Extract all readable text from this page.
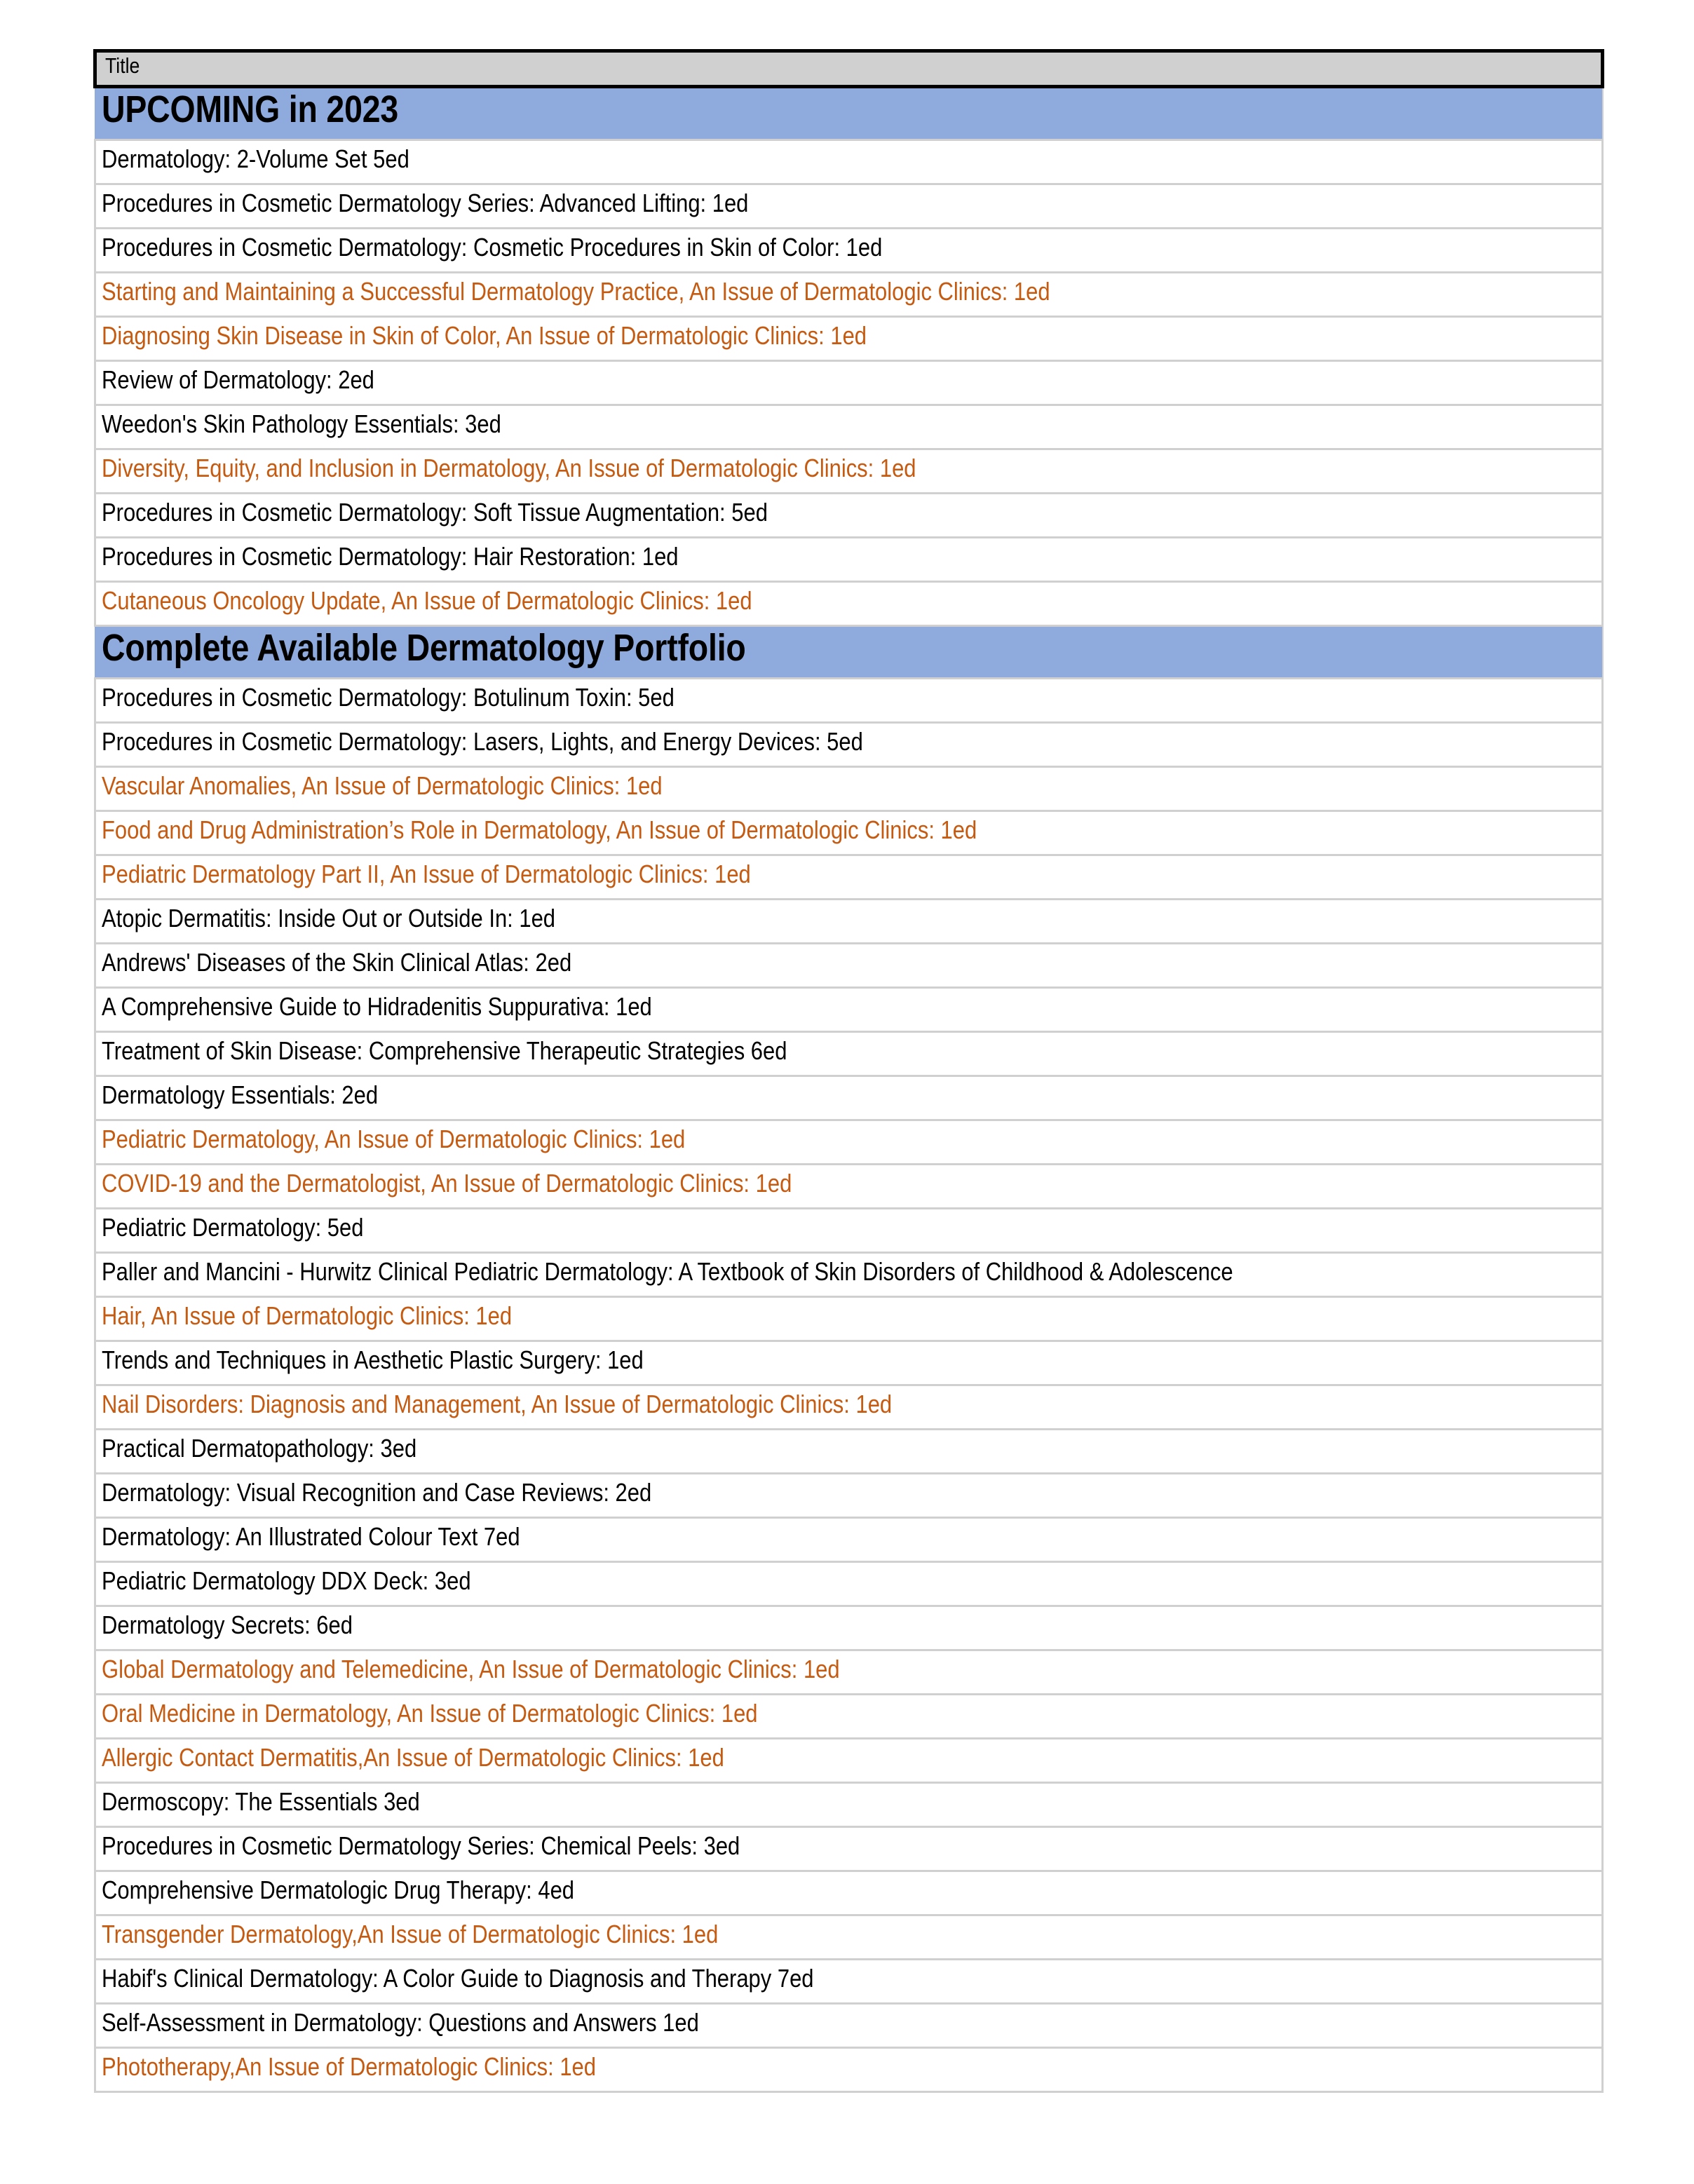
Title
UPCOMING in 2023
Dermatology: 2-Volume Set 5ed
Procedures in Cosmetic Dermatology Series: Advanced Lifting: 1ed
Procedures in Cosmetic Dermatology: Cosmetic Procedures in Skin of Color: 1ed
Starting and Maintaining a Successful Dermatology Practice, An Issue of Dermatologic Clinics: 1ed
Diagnosing Skin Disease in Skin of Color, An Issue of Dermatologic Clinics: 1ed
Review of Dermatology: 2ed
Weedon's Skin Pathology Essentials: 3ed
Diversity, Equity, and Inclusion in Dermatology, An Issue of Dermatologic Clinics: 1ed
Procedures in Cosmetic Dermatology: Soft Tissue Augmentation: 5ed
Procedures in Cosmetic Dermatology: Hair Restoration: 1ed
Cutaneous Oncology Update, An Issue of Dermatologic Clinics: 1ed
Complete Available Dermatology Portfolio
Procedures in Cosmetic Dermatology: Botulinum Toxin: 5ed
Procedures in Cosmetic Dermatology: Lasers, Lights, and Energy Devices: 5ed
Vascular Anomalies, An Issue of Dermatologic Clinics: 1ed
Food and Drug Administration’s Role in Dermatology, An Issue of Dermatologic Clinics: 1ed
Pediatric Dermatology Part II, An Issue of Dermatologic Clinics: 1ed
Atopic Dermatitis: Inside Out or Outside In: 1ed
Andrews' Diseases of the Skin Clinical Atlas: 2ed
A Comprehensive Guide to Hidradenitis Suppurativa: 1ed
Treatment of Skin Disease: Comprehensive Therapeutic Strategies 6ed
Dermatology Essentials: 2ed
Pediatric Dermatology, An Issue of Dermatologic Clinics: 1ed
COVID-19 and the Dermatologist, An Issue of Dermatologic Clinics: 1ed
Pediatric Dermatology: 5ed
Paller and Mancini - Hurwitz Clinical Pediatric Dermatology: A Textbook of Skin Disorders of Childhood & Adolescence
Hair, An Issue of Dermatologic Clinics: 1ed
Trends and Techniques in Aesthetic Plastic Surgery: 1ed
Nail Disorders: Diagnosis and Management, An Issue of Dermatologic Clinics: 1ed
Practical Dermatopathology: 3ed
Dermatology: Visual Recognition and Case Reviews: 2ed
Dermatology: An Illustrated Colour Text 7ed
Pediatric Dermatology DDX Deck: 3ed
Dermatology Secrets: 6ed
Global Dermatology and Telemedicine, An Issue of Dermatologic Clinics: 1ed
Oral Medicine in Dermatology, An Issue of Dermatologic Clinics: 1ed
Allergic Contact Dermatitis,An Issue of Dermatologic Clinics: 1ed
Dermoscopy: The Essentials 3ed
Procedures in Cosmetic Dermatology Series: Chemical Peels: 3ed
Comprehensive Dermatologic Drug Therapy: 4ed
Transgender Dermatology,An Issue of Dermatologic Clinics: 1ed
Habif's Clinical Dermatology: A Color Guide to Diagnosis and Therapy 7ed
Self-Assessment in Dermatology: Questions and Answers 1ed
Phototherapy,An Issue of Dermatologic Clinics: 1ed
